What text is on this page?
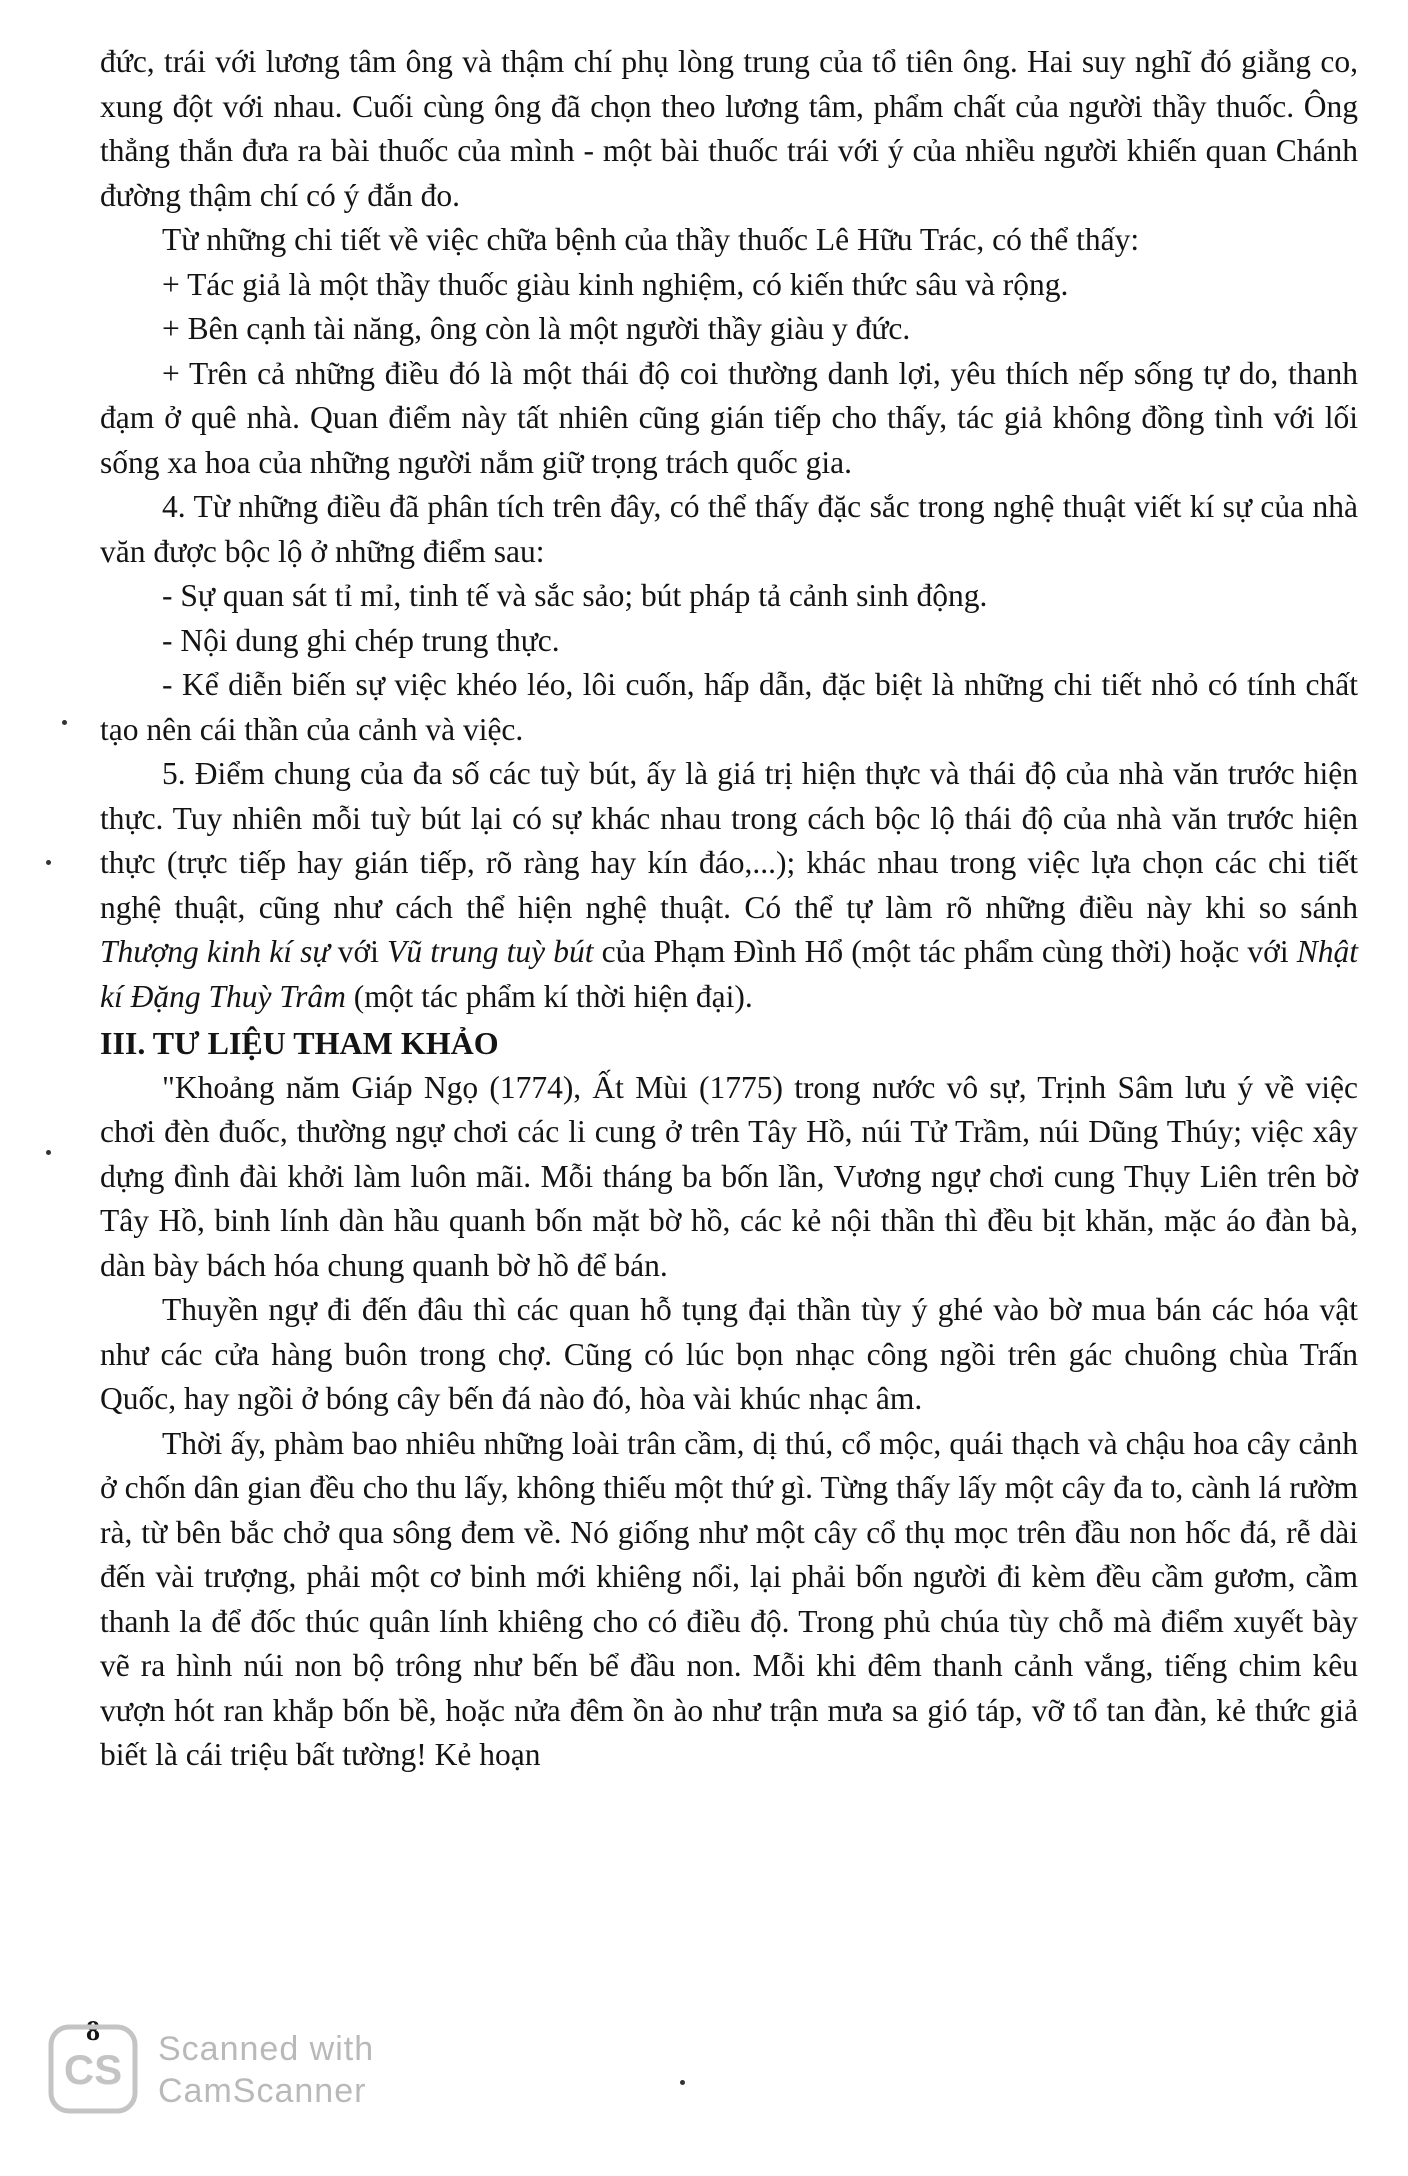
đức, trái với lương tâm ông và thậm chí phụ lòng trung của tổ tiên ông. Hai suy nghĩ đó giằng co, xung đột với nhau. Cuối cùng ông đã chọn theo lương tâm, phẩm chất của người thầy thuốc. Ông thẳng thắn đưa ra bài thuốc của mình - một bài thuốc trái với ý của nhiều người khiến quan Chánh đường thậm chí có ý đắn đo.

Từ những chi tiết về việc chữa bệnh của thầy thuốc Lê Hữu Trác, có thể thấy:

+ Tác giả là một thầy thuốc giàu kinh nghiệm, có kiến thức sâu và rộng.

+ Bên cạnh tài năng, ông còn là một người thầy giàu y đức.

+ Trên cả những điều đó là một thái độ coi thường danh lợi, yêu thích nếp sống tự do, thanh đạm ở quê nhà. Quan điểm này tất nhiên cũng gián tiếp cho thấy, tác giả không đồng tình với lối sống xa hoa của những người nắm giữ trọng trách quốc gia.

4. Từ những điều đã phân tích trên đây, có thể thấy đặc sắc trong nghệ thuật viết kí sự của nhà văn được bộc lộ ở những điểm sau:

- Sự quan sát tỉ mỉ, tinh tế và sắc sảo; bút pháp tả cảnh sinh động.

- Nội dung ghi chép trung thực.

- Kể diễn biến sự việc khéo léo, lôi cuốn, hấp dẫn, đặc biệt là những chi tiết nhỏ có tính chất tạo nên cái thần của cảnh và việc.

5. Điểm chung của đa số các tuỳ bút, ấy là giá trị hiện thực và thái độ của nhà văn trước hiện thực. Tuy nhiên mỗi tuỳ bút lại có sự khác nhau trong cách bộc lộ thái độ của nhà văn trước hiện thực (trực tiếp hay gián tiếp, rõ ràng hay kín đáo,...); khác nhau trong việc lựa chọn các chi tiết nghệ thuật, cũng như cách thể hiện nghệ thuật. Có thể tự làm rõ những điều này khi so sánh Thượng kinh kí sự với Vũ trung tuỳ bút của Phạm Đình Hổ (một tác phẩm cùng thời) hoặc với Nhật kí Đặng Thuỳ Trâm (một tác phẩm kí thời hiện đại).

III. TƯ LIỆU THAM KHẢO

"Khoảng năm Giáp Ngọ (1774), Ất Mùi (1775) trong nước vô sự, Trịnh Sâm lưu ý về việc chơi đèn đuốc, thường ngự chơi các li cung ở trên Tây Hồ, núi Tử Trầm, núi Dũng Thúy; việc xây dựng đình đài khởi làm luôn mãi. Mỗi tháng ba bốn lần, Vương ngự chơi cung Thụy Liên trên bờ Tây Hồ, binh lính dàn hầu quanh bốn mặt bờ hồ, các kẻ nội thần thì đều bịt khăn, mặc áo đàn bà, dàn bày bách hóa chung quanh bờ hồ để bán.

Thuyền ngự đi đến đâu thì các quan hỗ tụng đại thần tùy ý ghé vào bờ mua bán các hóa vật như các cửa hàng buôn trong chợ. Cũng có lúc bọn nhạc công ngồi trên gác chuông chùa Trấn Quốc, hay ngồi ở bóng cây bến đá nào đó, hòa vài khúc nhạc âm.

Thời ấy, phàm bao nhiêu những loài trân cầm, dị thú, cổ mộc, quái thạch và chậu hoa cây cảnh ở chốn dân gian đều cho thu lấy, không thiếu một thứ gì. Từng thấy lấy một cây đa to, cành lá rườm rà, từ bên bắc chở qua sông đem về. Nó giống như một cây cổ thụ mọc trên đầu non hốc đá, rễ dài đến vài trượng, phải một cơ binh mới khiêng nổi, lại phải bốn người đi kèm đều cầm gươm, cầm thanh la để đốc thúc quân lính khiêng cho có điều độ. Trong phủ chúa tùy chỗ mà điểm xuyết bày vẽ ra hình núi non bộ trông như bến bể đầu non. Mỗi khi đêm thanh cảnh vắng, tiếng chim kêu vượn hót ran khắp bốn bề, hoặc nửa đêm ồn ào như trận mưa sa gió táp, vỡ tổ tan đàn, kẻ thức giả biết là cái triệu bất tường! Kẻ hoạn

8
CS Scanned with
CamScanner
